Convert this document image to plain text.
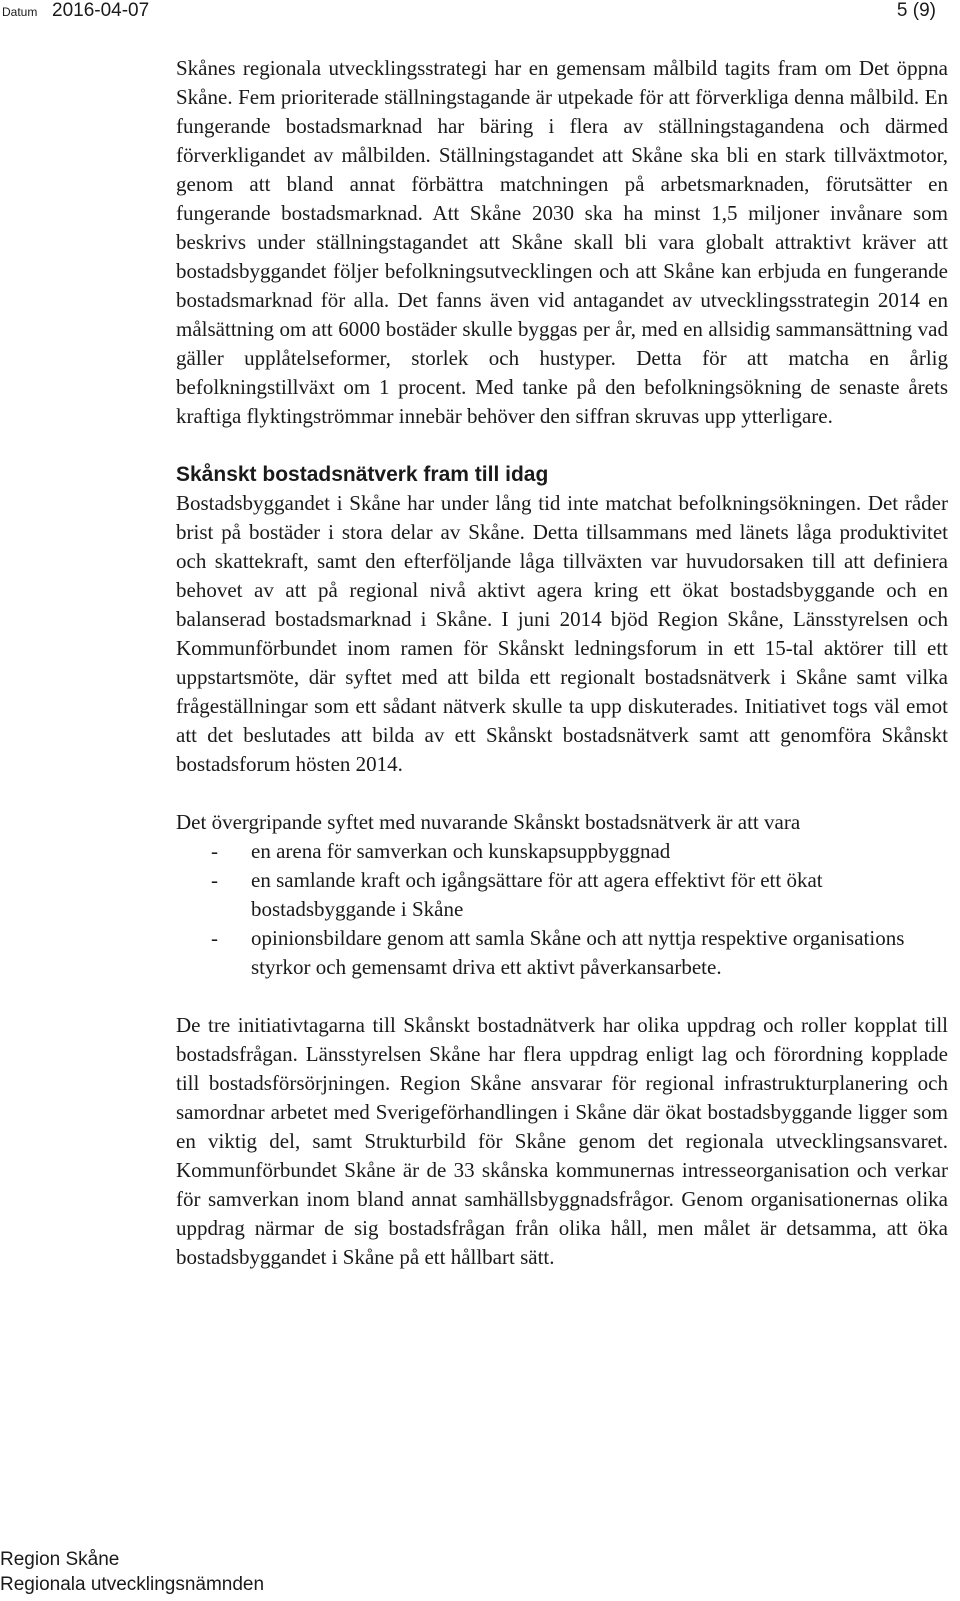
Datum 2016-04-07	5 (9)

Skånes regionala utvecklingsstrategi har en gemensam målbild tagits fram om Det öppna Skåne. Fem prioriterade ställningstagande är utpekade för att förverkliga denna målbild. En fungerande bostadsmarknad har bäring i flera av ställningstagandena och därmed förverkligandet av målbilden. Ställningstagandet att Skåne ska bli en stark tillväxtmotor, genom att bland annat förbättra matchningen på arbetsmarknaden, förutsätter en fungerande bostadsmarknad. Att Skåne 2030 ska ha minst 1,5 miljoner invånare som beskrivs under ställningstagandet att Skåne skall bli vara globalt attraktivt kräver att bostadsbyggandet följer befolkningsutvecklingen och att Skåne kan erbjuda en fungerande bostadsmarknad för alla. Det fanns även vid antagandet av utvecklingsstrategin 2014 en målsättning om att 6000 bostäder skulle byggas per år, med en allsidig sammansättning vad gäller upplåtelseformer, storlek och hustyper. Detta för att matcha en årlig befolkningstillväxt om 1 procent. Med tanke på den befolkningsökning de senaste årets kraftiga flyktingströmmar innebär behöver den siffran skruvas upp ytterligare.

Skånskt bostadsnätverk fram till idag

Bostadsbyggandet i Skåne har under lång tid inte matchat befolkningsökningen. Det råder brist på bostäder i stora delar av Skåne. Detta tillsammans med länets låga produktivitet och skattekraft, samt den efterföljande låga tillväxten var huvudorsaken till att definiera behovet av att på regional nivå aktivt agera kring ett ökat bostadsbyggande och en balanserad bostadsmarknad i Skåne. I juni 2014 bjöd Region Skåne, Länsstyrelsen och Kommunförbundet inom ramen för Skånskt ledningsforum in ett 15-tal aktörer till ett uppstartsmöte, där syftet med att bilda ett regionalt bostadsnätverk i Skåne samt vilka frågeställningar som ett sådant nätverk skulle ta upp diskuterades. Initiativet togs väl emot att det beslutades att bilda av ett Skånskt bostadsnätverk samt att genomföra Skånskt bostadsforum hösten 2014.

Det övergripande syftet med nuvarande Skånskt bostadsnätverk är att vara

- en arena för samverkan och kunskapsuppbyggnad
- en samlande kraft och igångsättare för att agera effektivt för ett ökat bostadsbyggande i Skåne
- opinionsbildare genom att samla Skåne och att nyttja respektive organisations styrkor och gemensamt driva ett aktivt påverkansarbete.

De tre initiativtagarna till Skånskt bostadnätverk har olika uppdrag och roller kopplat till bostadsfrågan. Länsstyrelsen Skåne har flera uppdrag enligt lag och förordning kopplade till bostadsförsörjningen. Region Skåne ansvarar för regional infrastrukturplanering och samordnar arbetet med Sverigeförhandlingen i Skåne där ökat bostadsbyggande ligger som en viktig del, samt Strukturbild för Skåne genom det regionala utvecklingsansvaret. Kommunförbundet Skåne är de 33 skånska kommunernas intresseorganisation och verkar för samverkan inom bland annat samhällsbyggnadsfrågor. Genom organisationernas olika uppdrag närmar de sig bostadsfrågan från olika håll, men målet är detsamma, att öka bostadsbyggandet i Skåne på ett hållbart sätt.

Region Skåne
Regionala utvecklingsnämnden
